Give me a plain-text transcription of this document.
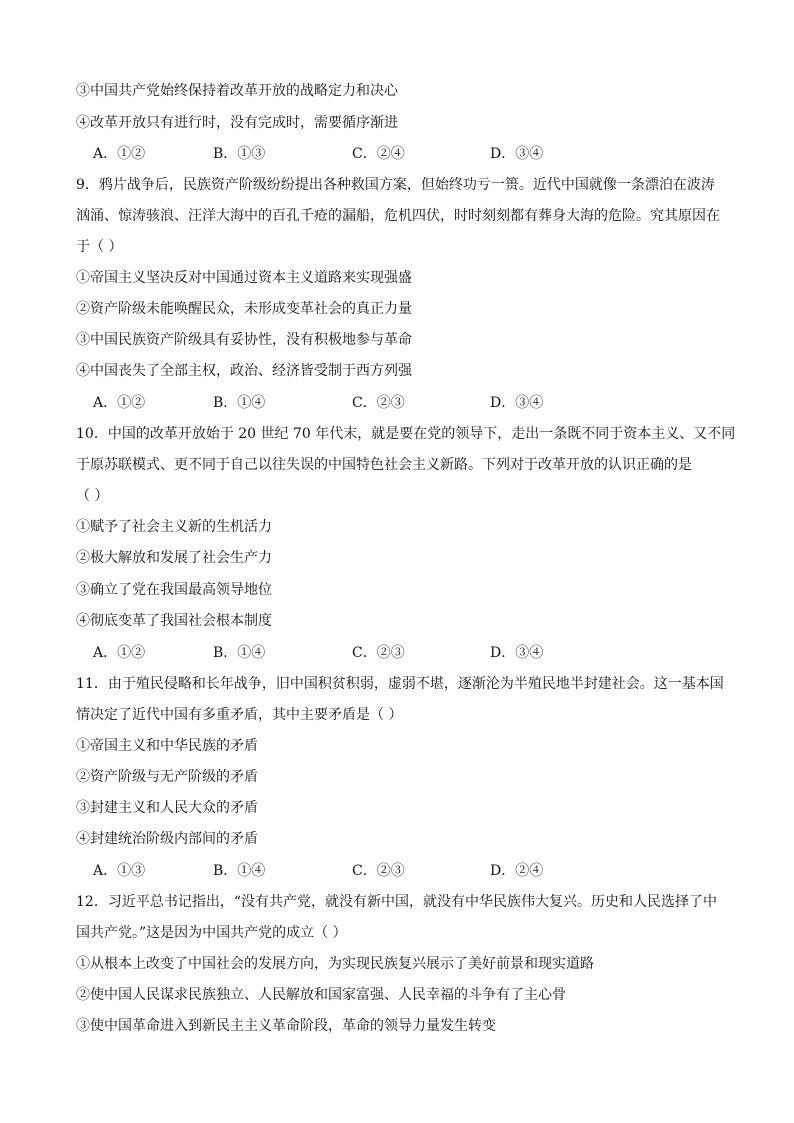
③中国共产党始终保持着改革开放的战略定力和决心
④改革开放只有进行时，没有完成时，需要循序渐进
A．①②	B．①③	C．②④	D．③④
9．鸦片战争后，民族资产阶级纷纷提出各种救国方案，但始终功亏一篑。近代中国就像一条漂泊在波涛
汹涌、惊涛骇浪、汪洋大海中的百孔千疮的漏船，危机四伏，时时刻刻都有葬身大海的危险。究其原因在
于（ ）
①帝国主义坚决反对中国通过资本主义道路来实现强盛
②资产阶级未能唤醒民众，未形成变革社会的真正力量
③中国民族资产阶级具有妥协性，没有积极地参与革命
④中国丧失了全部主权，政治、经济皆受制于西方列强
A．①②	B．①④	C．②③	D．③④
10．中国的改革开放始于 20 世纪 70 年代末，就是要在党的领导下，走出一条既不同于资本主义、又不同
于原苏联模式、更不同于自己以往失误的中国特色社会主义新路。下列对于改革开放的认识正确的是
（ ）
①赋予了社会主义新的生机活力
②极大解放和发展了社会生产力
③确立了党在我国最高领导地位
④彻底变革了我国社会根本制度
A．①②	B．①④	C．②③	D．③④
11．由于殖民侵略和长年战争，旧中国积贫积弱，虚弱不堪，逐渐沦为半殖民地半封建社会。这一基本国
情决定了近代中国有多重矛盾，其中主要矛盾是（ ）
①帝国主义和中华民族的矛盾
②资产阶级与无产阶级的矛盾
③封建主义和人民大众的矛盾
④封建统治阶级内部间的矛盾
A．①③	B．①④	C．②③	D．②④
12．习近平总书记指出，“没有共产党，就没有新中国，就没有中华民族伟大复兴。历史和人民选择了中
国共产党。”这是因为中国共产党的成立（ ）
①从根本上改变了中国社会的发展方向，为实现民族复兴展示了美好前景和现实道路
②使中国人民谋求民族独立、人民解放和国家富强、人民幸福的斗争有了主心骨
③使中国革命进入到新民主主义革命阶段，革命的领导力量发生转变
